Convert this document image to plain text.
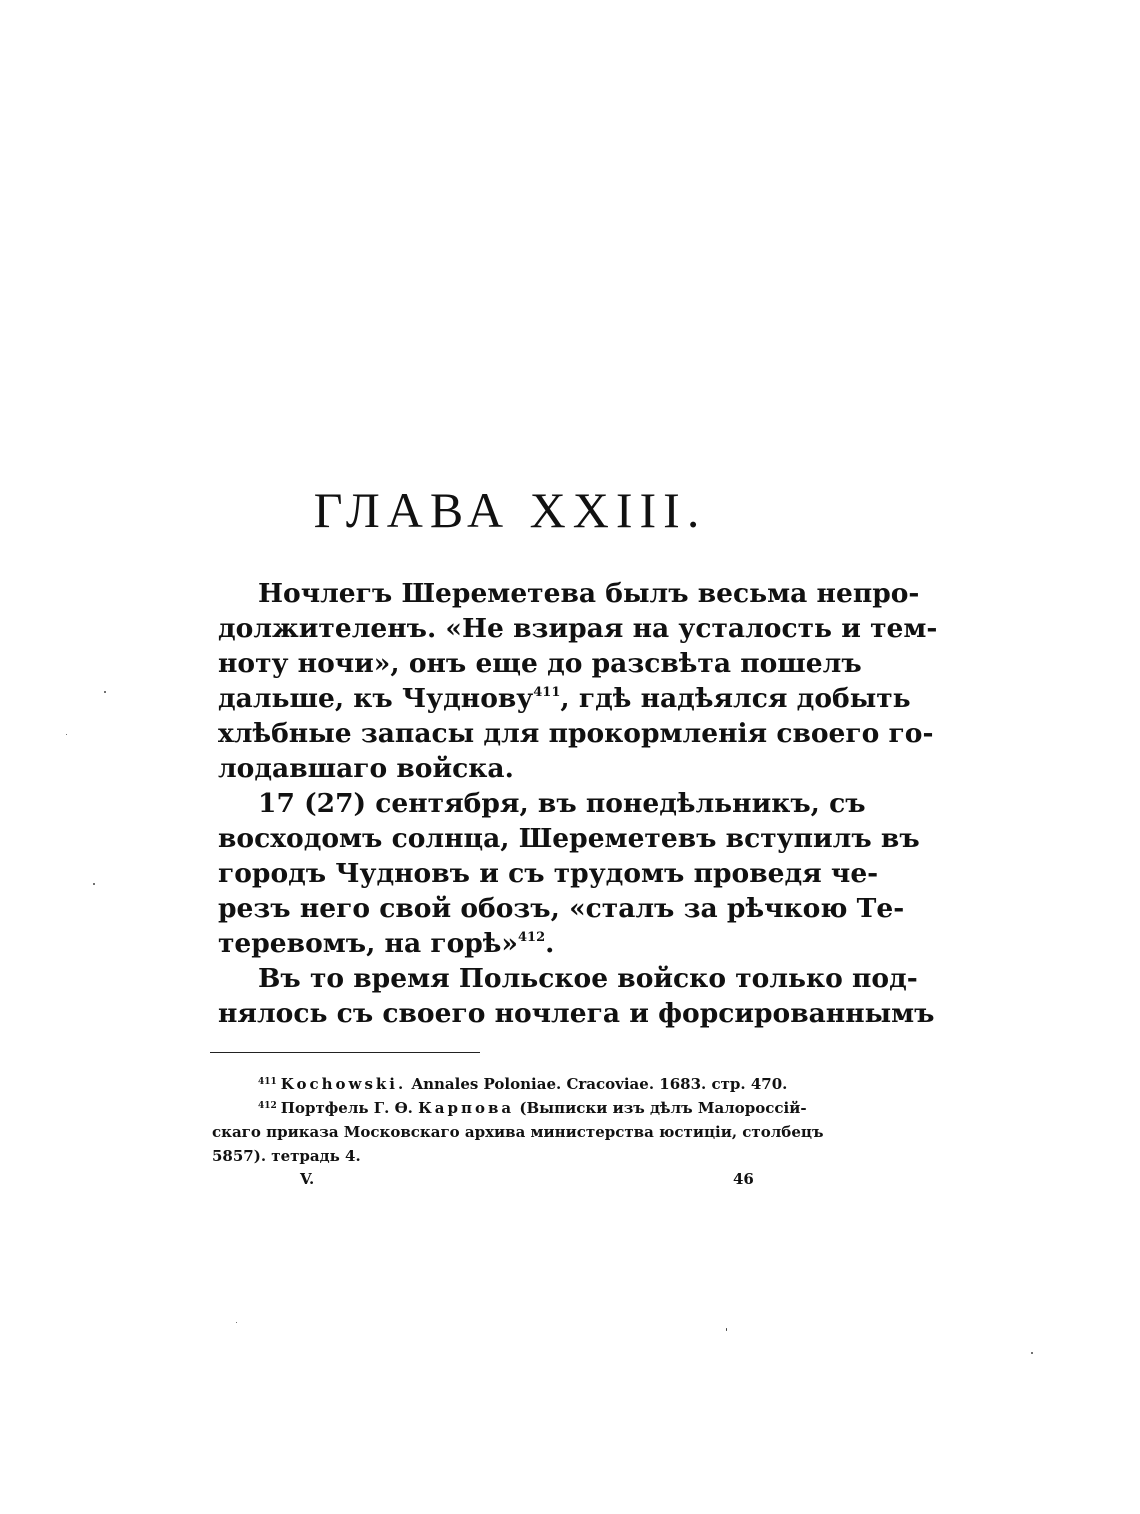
ГЛАВА XXIII.
Ночлегъ Шереметева былъ весьма непро-
должителенъ. «Не взирая на усталость и тем-
ноту ночи», онъ еще до разсвѣта пошелъ
дальше, къ Чуднову$^{411}$, гдѣ надѣялся добыть
хлѣбные запасы для прокормленія своего го-
лодавшаго войска.
17 (27) сентября, въ понедѣльникъ, съ
восходомъ солнца, Шереметевъ вступилъ въ
городъ Чудновъ и съ трудомъ проведя че-
резъ него свой обозъ, «сталъ за рѣчкою Те-
теревомъ, на горѣ»$^{412}$.
Въ то время Польское войско только под-
нялось съ своего ночлега и форсированнымъ
$^{411}$ Kochowski. Annales Poloniae. Cracoviae. 1683. стр. 470.
$^{412}$ Портфель Г. Ѳ. Карпова (Выписки изъ дѣлъ Малороссій-
скаго приказа Московскаго архива министерства юстиціи, столбецъ
5857). тетрадь 4.
V.	46
